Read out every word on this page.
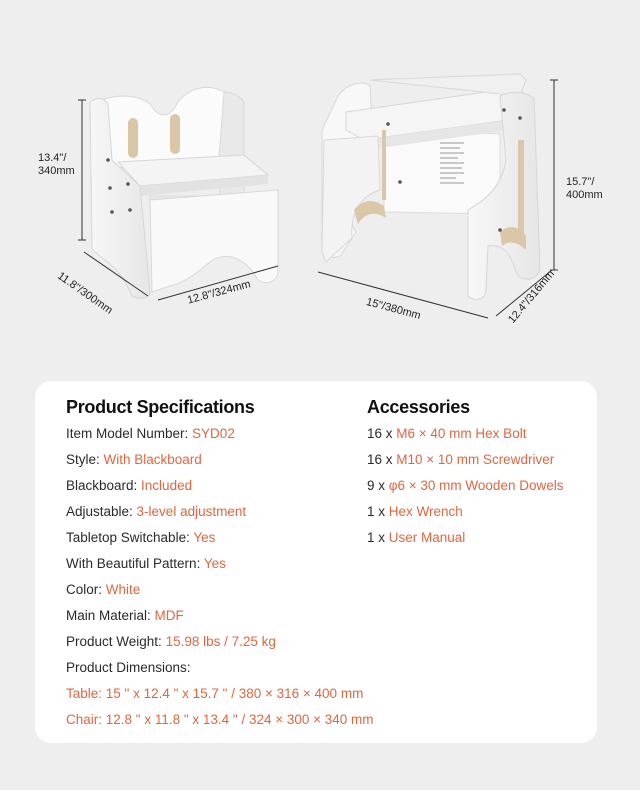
13.4"/
340mm
11.8"/300mm	12.8"/324mm
15.7"/
400mm
15"/380mm	12.4"/316mm
Product Specifications
Item Model Number: SYD02
Style: With Blackboard
Blackboard: Included
Adjustable: 3-level adjustment
Tabletop Switchable: Yes
With Beautiful Pattern: Yes
Color: White
Main Material: MDF
Product Weight: 15.98 lbs / 7.25 kg
Product Dimensions:
Table: 15 " x 12.4 " x 15.7 " / 380 × 316 × 400 mm
Chair: 12.8 " x 11.8 " x 13.4 " / 324 × 300 × 340 mm
Accessories
16 x M6 × 40 mm Hex Bolt
16 x M10 × 10 mm Screwdriver
9 x φ6 × 30 mm Wooden Dowels
1 x Hex Wrench
1 x User Manual
